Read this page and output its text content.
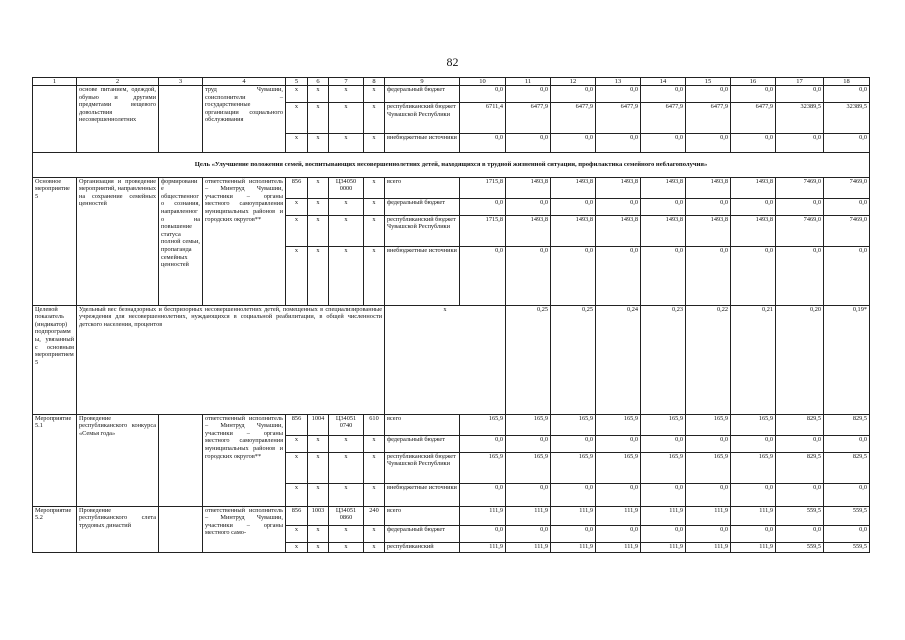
82
1	2	3	4	5	6	7	8	9	10	11	12	13	14	15	16	17	18	
	основе питанием, одеждой, обувью и другими предметами вещевого довольствия несовершеннолетних		труд Чувашии, соисполнители – государственные организации социального обслуживания	x	x	x	x	федеральный бюджет	0,0	0,0	0,0	0,0	0,0	0,0	0,0	0,0	0,0	
				x	x	x	x	республиканский бюджет Чувашской Республики	6711,4	6477,9	6477,9	6477,9	6477,9	6477,9	6477,9	32389,5	32389,5	
				x	x	x	x	внебюджетные источники	0,0	0,0	0,0	0,0	0,0	0,0	0,0	0,0	0,0	
Цель «Улучшение положения семей, воспитывающих несовершеннолетних детей, находящихся в трудной жизненной ситуации, профилактика семейного неблагополучия»																		
Основное мероприятие 5	Организация и проведение мероприятий, направленных на сохранение семейных ценностей	формирование общественного сознания, направленного на повышение статуса полной семьи, пропаганда семейных ценностей	ответственный исполнитель – Минтруд Чувашии, участники – органы местного самоуправления муниципальных районов и городских округов**	856	x	Ц34050 0000	x	всего	1715,8	1493,8	1493,8	1493,8	1493,8	1493,8	1493,8	7469,0	7469,0	
				x	x	x	x	федеральный бюджет	0,0	0,0	0,0	0,0	0,0	0,0	0,0	0,0	0,0	
				x	x	x	x	республиканский бюджет Чувашской Республики	1715,8	1493,8	1493,8	1493,8	1493,8	1493,8	1493,8	7469,0	7469,0	
				x	x	x	x	внебюджетные источники	0,0	0,0	0,0	0,0	0,0	0,0	0,0	0,0	0,0	
Целевой показатель (индикатор) подпрограммы, увязанный с основным мероприятием 5	Удельный вес безнадзорных и беспризорных несовершеннолетних детей, помещенных в специализированные учреждения для несовершеннолетних, нуждающихся в социальной реабилитации, в общей численности детского населения, процентов							x		0,25	0,25	0,24	0,23	0,22	0,21	0,20	0,19*	
Мероприятие 5.1	Проведение республиканского конкурса «Семья года»		ответственный исполнитель – Минтруд Чувашии, участники – органы местного самоуправления муниципальных районов и городских округов**	856	1004	Ц34051 0740	610	всего	165,9	165,9	165,9	165,9	165,9	165,9	165,9	829,5	829,5	
				x	x	x	x	федеральный бюджет	0,0	0,0	0,0	0,0	0,0	0,0	0,0	0,0	0,0	
				x	x	x	x	республиканский бюджет Чувашской Республики	165,9	165,9	165,9	165,9	165,9	165,9	165,9	829,5	829,5	
				x	x	x	x	внебюджетные источники	0,0	0,0	0,0	0,0	0,0	0,0	0,0	0,0	0,0	
Мероприятие 5.2	Проведение республиканского слета трудовых династий		ответственный исполнитель – Минтруд Чувашии, участники – органы местного само-	856	1003	Ц34051 0860	240	всего	111,9	111,9	111,9	111,9	111,9	111,9	111,9	559,5	559,5	
				x	x	x	x	федеральный бюджет	0,0	0,0	0,0	0,0	0,0	0,0	0,0	0,0	0,0	
				x	x	x	x	республиканский	111,9	111,9	111,9	111,9	111,9	111,9	111,9	559,5	559,5	
